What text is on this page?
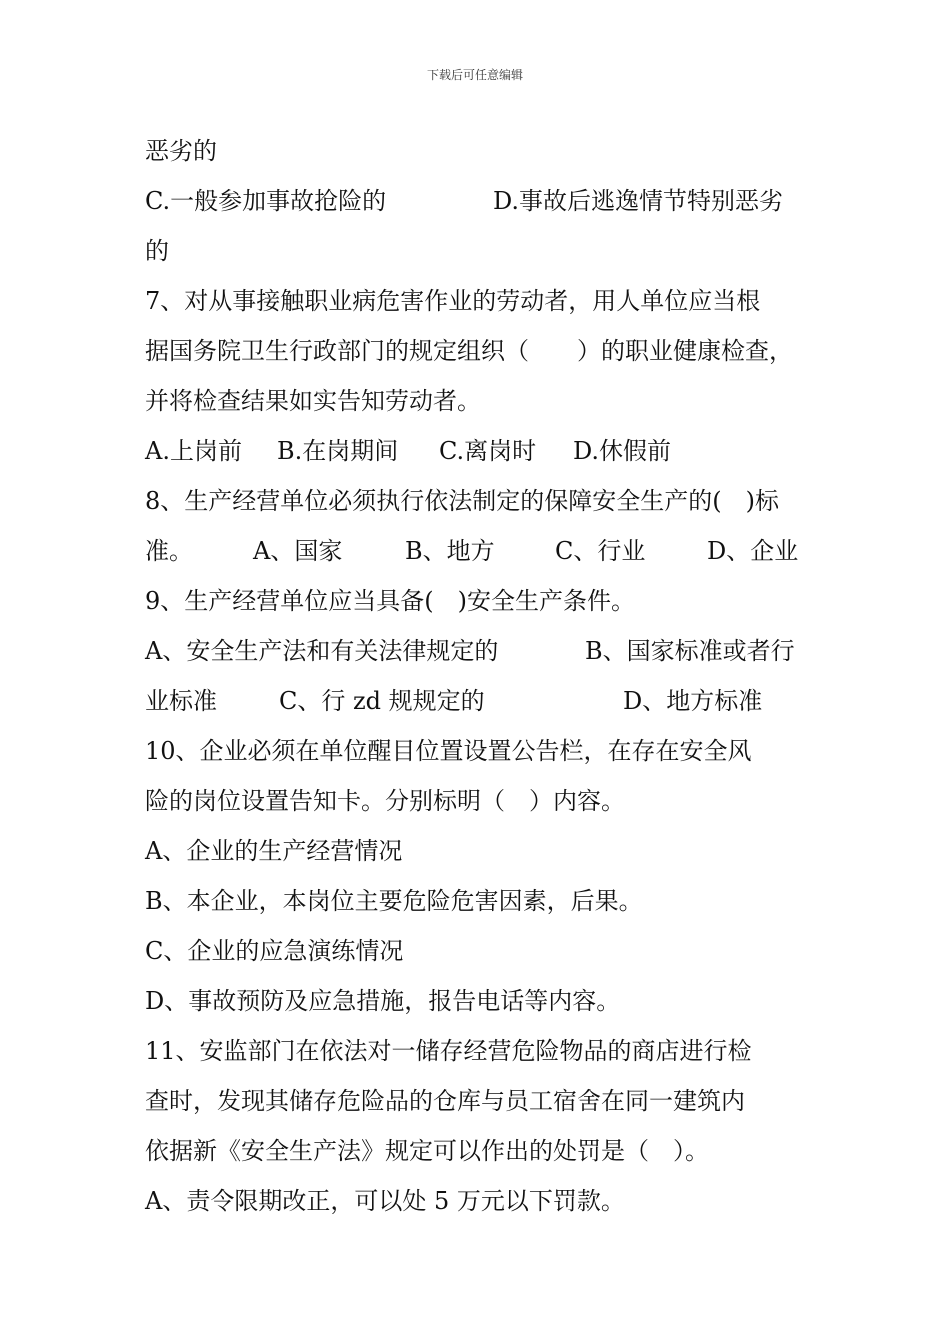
下载后可任意编辑
恶劣的
C.一般参加事故抢险的	D.事故后逃逸情节特别恶劣
的
7、对从事接触职业病危害作业的劳动者，用人单位应当根
据国务院卫生行政部门的规定组织（　　）的职业健康检查，
并将检查结果如实告知劳动者。
A.上岗前 B.在岗期间 C.离岗时 D.休假前
8、生产经营单位必须执行依法制定的保障安全生产的(　)标
准。	A、国家	B、地方	C、行业	D、企业
9、生产经营单位应当具备(　)安全生产条件。
A、安全生产法和有关法律规定的	B、国家标准或者行
业标准	C、行 zd 规规定的	D、地方标准
10、企业必须在单位醒目位置设置公告栏，在存在安全风
险的岗位设置告知卡。分别标明（　）内容。
A、企业的生产经营情况
B、本企业，本岗位主要危险危害因素，后果。
C、企业的应急演练情况
D、事故预防及应急措施，报告电话等内容。
11、安监部门在依法对一储存经营危险物品的商店进行检
查时，发现其储存危险品的仓库与员工宿舍在同一建筑内
依据新《安全生产法》规定可以作出的处罚是（　）。
A、责令限期改正，可以处 5 万元以下罚款。
